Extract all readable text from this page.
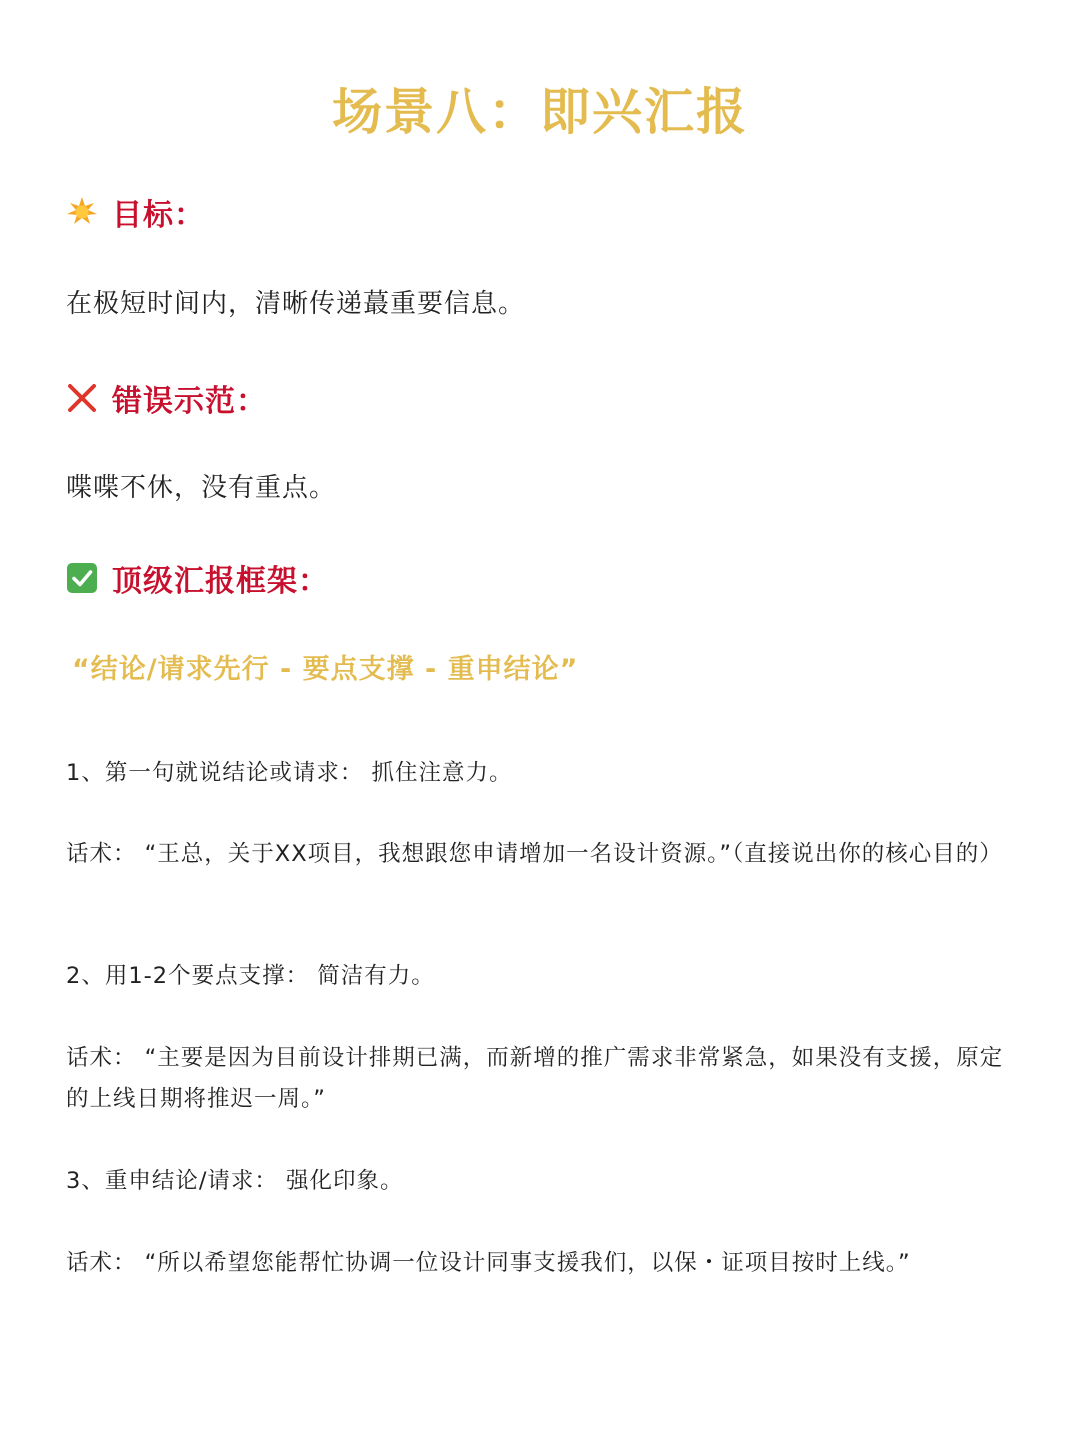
场景八：即兴汇报
目标：
在极短时间内，清晰传递蕞重要信息。
错误示范：
喋喋不休，没有重点。
顶级汇报框架：
“结论/请求先行 - 要点支撑 - 重申结论”
1、第一句就说结论或请求： 抓住注意力。
话术： “王总，关于XX项目，我想跟您申请增加一名设计资源。”（直接说出你的核心目的）
2、用1-2个要点支撑： 简洁有力。
话术： “主要是因为目前设计排期已满，而新增的推广需求非常紧急，如果没有支援，原定的上线日期将推迟一周。”
3、重申结论/请求： 强化印象。
话术： “所以希望您能帮忙协调一位设计同事支援我们，以保・证项目按时上线。”
